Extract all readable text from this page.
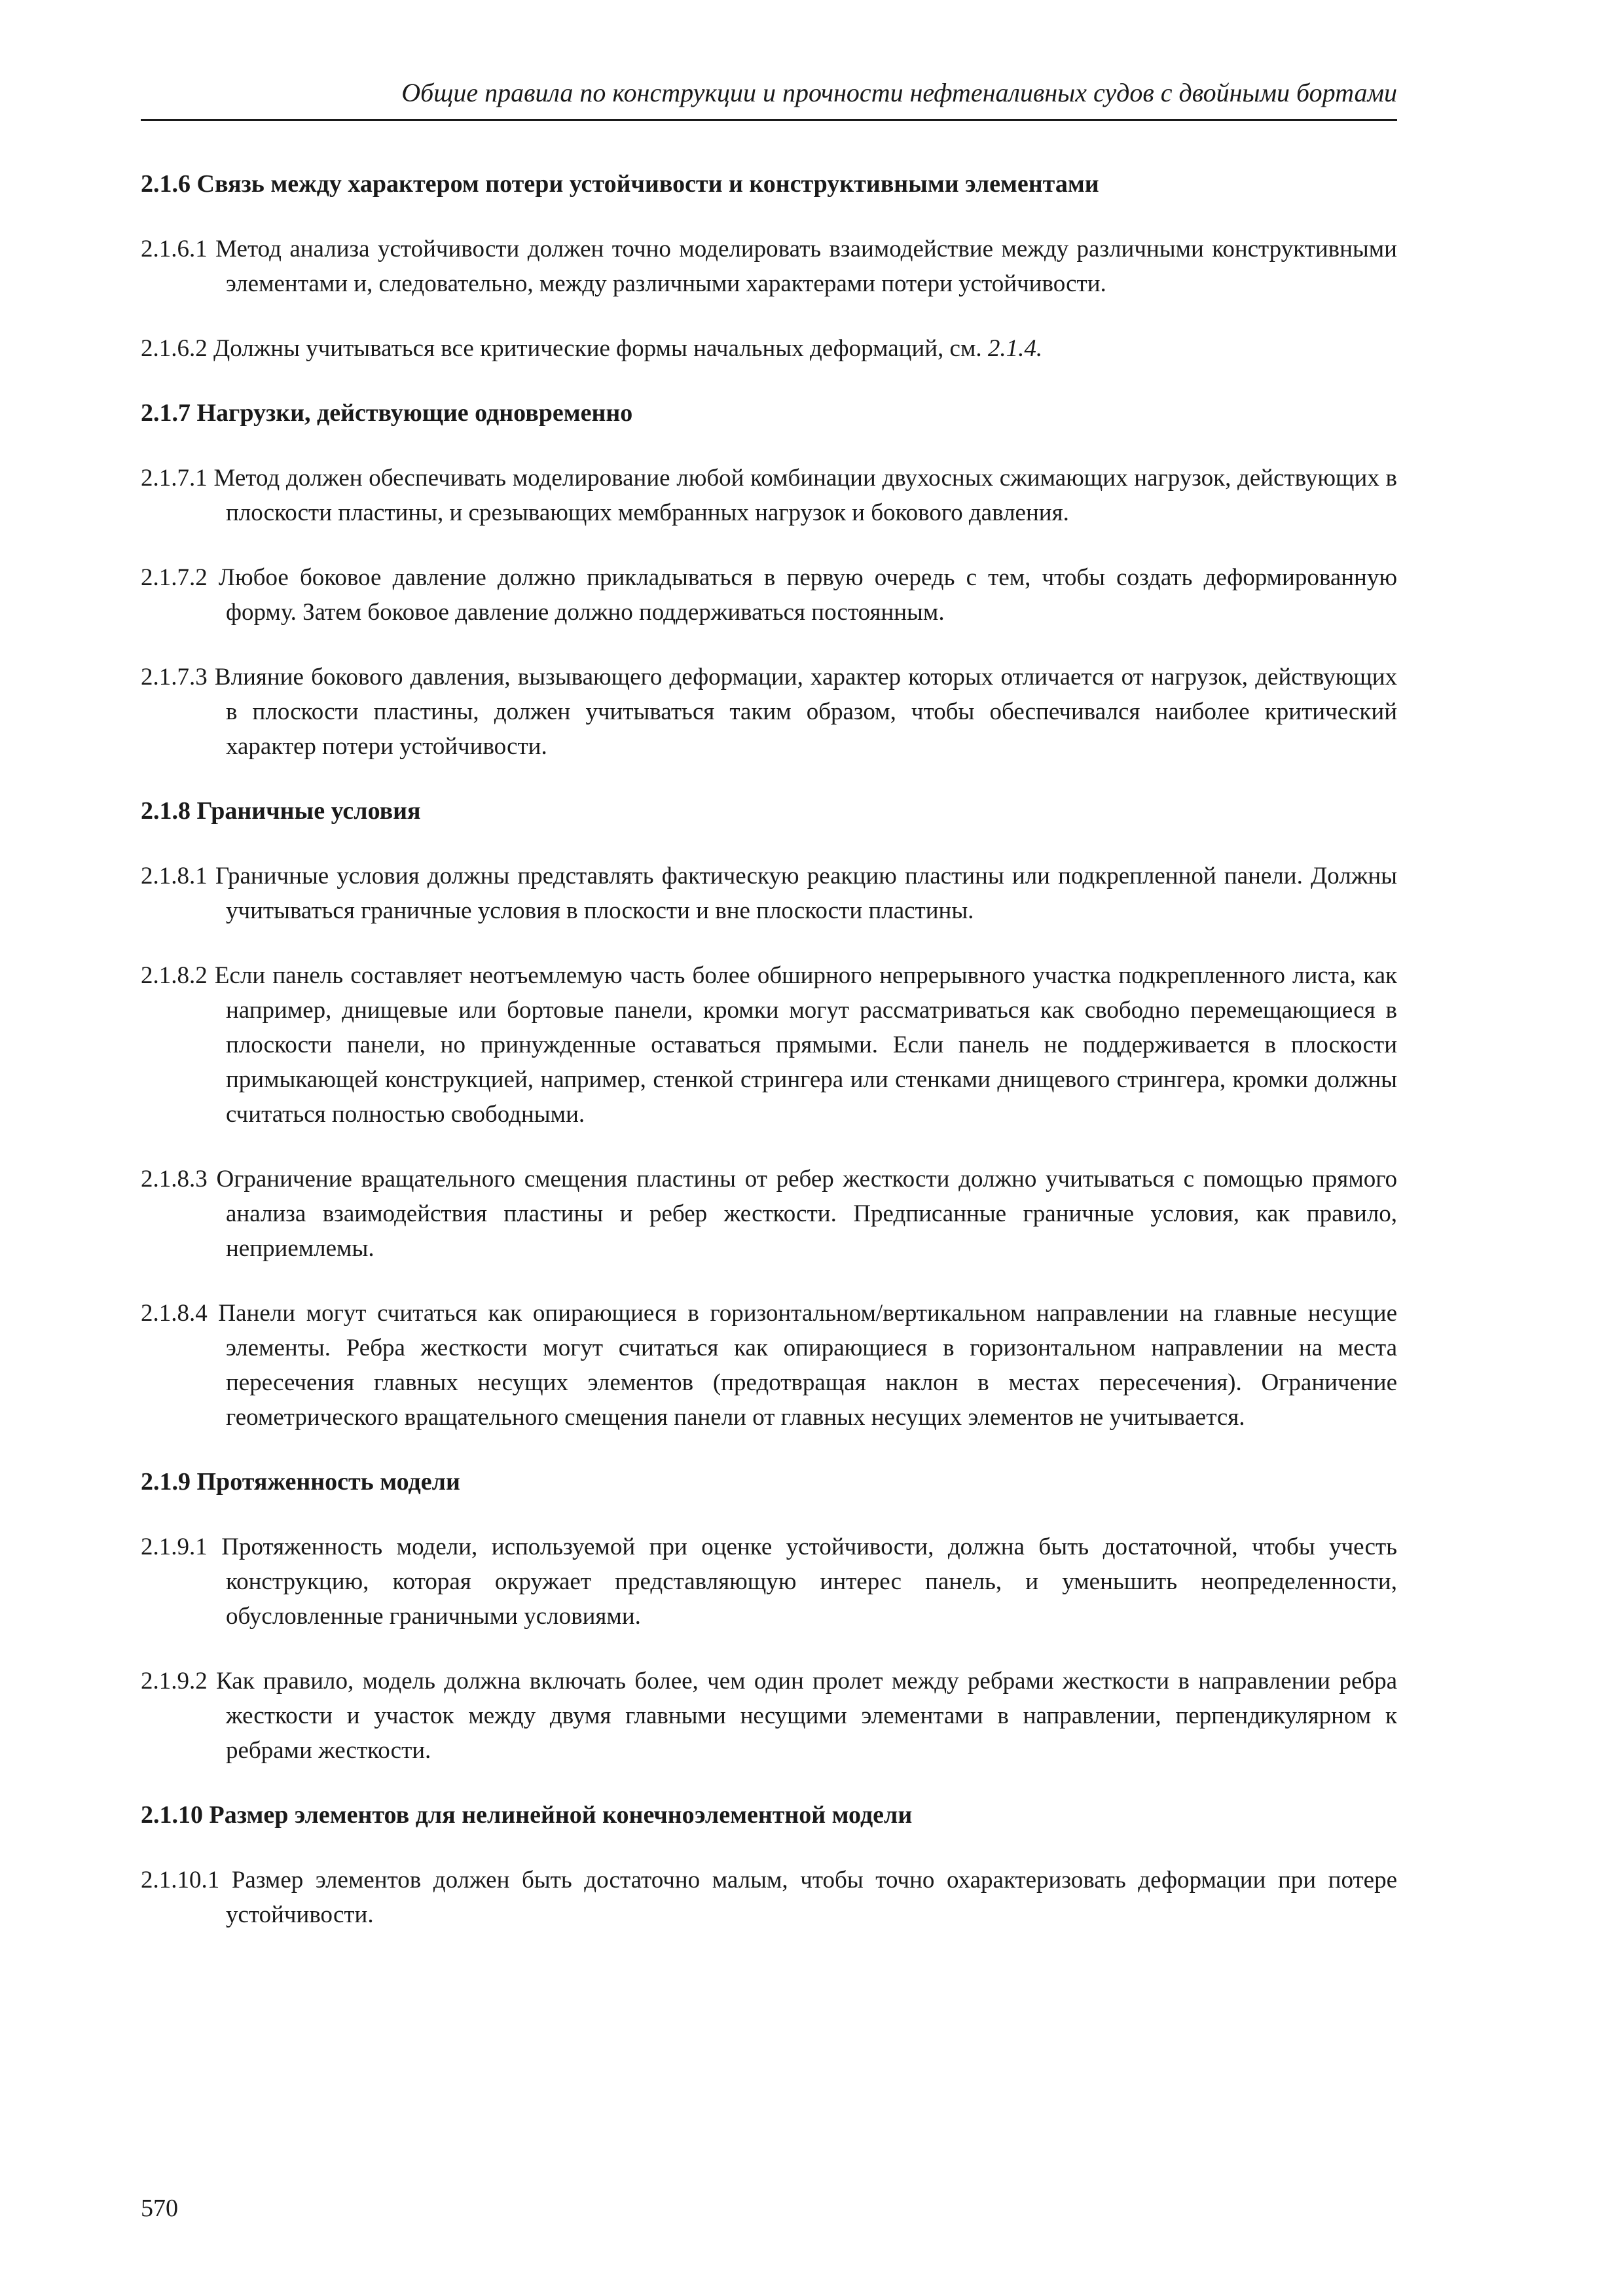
Общие правила по конструкции и прочности нефтеналивных судов с двойными бортами
2.1.6 Связь между характером потери устойчивости и конструктивными элементами
2.1.6.1 Метод анализа устойчивости должен точно моделировать взаимодействие между различными конструктивными элементами и, следовательно, между различными характерами потери устойчивости.
2.1.6.2 Должны учитываться все критические формы начальных деформаций, см. 2.1.4.
2.1.7 Нагрузки, действующие одновременно
2.1.7.1 Метод должен обеспечивать моделирование любой комбинации двухосных сжимающих нагрузок, действующих в плоскости пластины, и срезывающих мембранных нагрузок и бокового давления.
2.1.7.2 Любое боковое давление должно прикладываться в первую очередь с тем, чтобы создать деформированную форму. Затем боковое давление должно поддерживаться постоянным.
2.1.7.3 Влияние бокового давления, вызывающего деформации, характер которых отличается от нагрузок, действующих в плоскости пластины, должен учитываться таким образом, чтобы обеспечивался наиболее критический характер потери устойчивости.
2.1.8 Граничные условия
2.1.8.1 Граничные условия должны представлять фактическую реакцию пластины или подкрепленной панели. Должны учитываться граничные условия в плоскости и вне плоскости пластины.
2.1.8.2 Если панель составляет неотъемлемую часть более обширного непрерывного участка подкрепленного листа, как например, днищевые или бортовые панели, кромки могут рассматриваться как свободно перемещающиеся в плоскости панели, но принужденные оставаться прямыми. Если панель не поддерживается в плоскости примыкающей конструкцией, например, стенкой стрингера или стенками днищевого стрингера, кромки должны считаться полностью свободными.
2.1.8.3 Ограничение вращательного смещения пластины от ребер жесткости должно учитываться с помощью прямого анализа взаимодействия пластины и ребер жесткости. Предписанные граничные условия, как правило, неприемлемы.
2.1.8.4 Панели могут считаться как опирающиеся в горизонтальном/вертикальном направлении на главные несущие элементы. Ребра жесткости могут считаться как опирающиеся в горизонтальном направлении на места пересечения главных несущих элементов (предотвращая наклон в местах пересечения). Ограничение геометрического вращательного смещения панели от главных несущих элементов не учитывается.
2.1.9 Протяженность модели
2.1.9.1 Протяженность модели, используемой при оценке устойчивости, должна быть достаточной, чтобы учесть конструкцию, которая окружает представляющую интерес панель, и уменьшить неопределенности, обусловленные граничными условиями.
2.1.9.2 Как правило, модель должна включать более, чем один пролет между ребрами жесткости в направлении ребра жесткости и участок между двумя главными несущими элементами в направлении, перпендикулярном к ребрами жесткости.
2.1.10 Размер элементов для нелинейной конечноэлементной модели
2.1.10.1 Размер элементов должен быть достаточно малым, чтобы точно охарактеризовать деформации при потере устойчивости.
570
